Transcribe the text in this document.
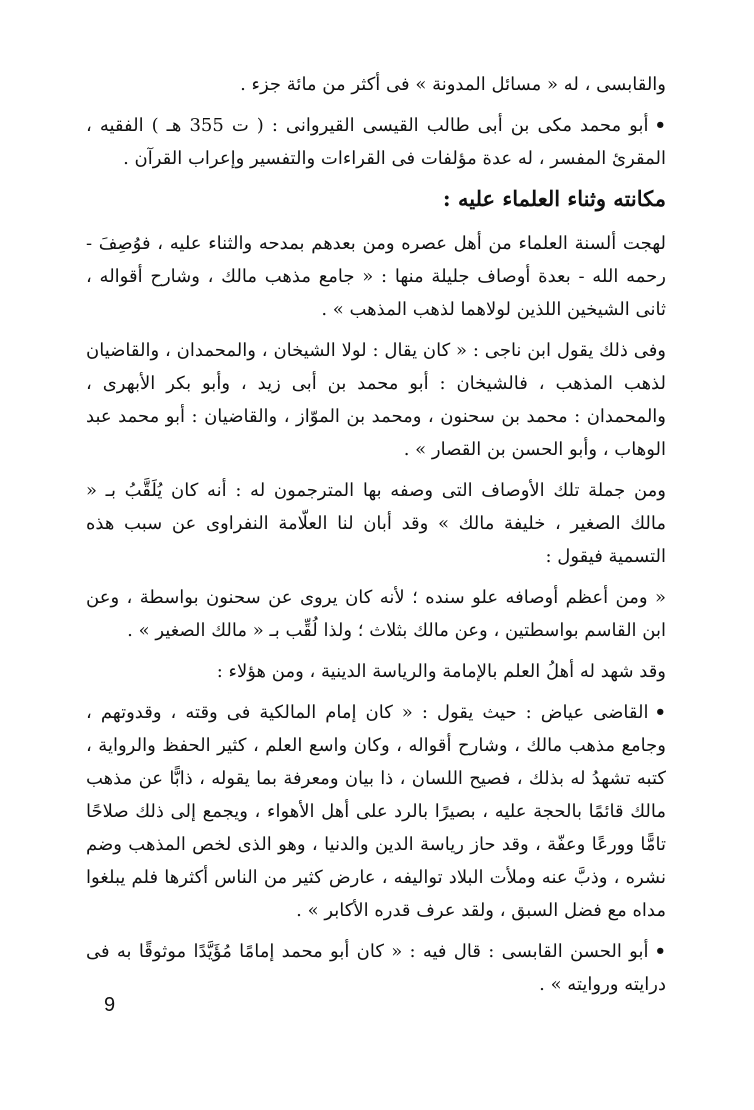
والقابسى ، له « مسائل المدونة » فى أكثر من مائة جزء .

•أبو محمد مكى بن أبى طالب القيسى القيروانى : ( ت 355 هـ ) الفقيه ، المقرئ المفسر ، له عدة مؤلفات فى القراءات والتفسير وإعراب القرآن .

مكانته وثناء العلماء عليه :

لهجت ألسنة العلماء من أهل عصره ومن بعدهم بمدحه والثناء عليه ، فوُصِفَ - رحمه الله - بعدة أوصاف جليلة منها : « جامع مذهب مالك ، وشارح أقواله ، ثانى الشيخين اللذين لولاهما لذهب المذهب » .

وفى ذلك يقول ابن ناجى : « كان يقال : لولا الشيخان ، والمحمدان ، والقاضيان لذهب المذهب ، فالشيخان : أبو محمد بن أبى زيد ، وأبو بكر الأبهرى ، والمحمدان : محمد بن سحنون ، ومحمد بن الموّاز ، والقاضيان : أبو محمد عبد الوهاب ، وأبو الحسن بن القصار » .

ومن جملة تلك الأوصاف التى وصفه بها المترجمون له : أنه كان يُلَقَّبُ بـ « مالك الصغير ، خليفة مالك » وقد أبان لنا العلّامة النفراوى عن سبب هذه التسمية فيقول :

« ومن أعظم أوصافه علو سنده ؛ لأنه كان يروى عن سحنون بواسطة ، وعن ابن القاسم بواسطتين ، وعن مالك بثلاث ؛ ولذا لُقِّب بـ « مالك الصغير » .

وقد شهد له أهلُ العلم بالإمامة والرياسة الدينية ، ومن هؤلاء :

•القاضى عياض : حيث يقول : « كان إمام المالكية فى وقته ، وقدوتهم ، وجامع مذهب مالك ، وشارح أقواله ، وكان واسع العلم ، كثير الحفظ والرواية ، كتبه تشهدُ له بذلك ، فصيح اللسان ، ذا بيان ومعرفة بما يقوله ، ذابًّا عن مذهب مالك قائمًا بالحجة عليه ، بصيرًا بالرد على أهل الأهواء ، ويجمع إلى ذلك صلاحًا تامًّا وورعًا وعفّة ، وقد حاز رياسة الدين والدنيا ، وهو الذى لخص المذهب وضم نشره ، وذبَّ عنه وملأت البلاد تواليفه ، عارض كثير من الناس أكثرها فلم يبلغوا مداه مع فضل السبق ، ولقد عرف قدره الأكابر » .

•أبو الحسن القابسى : قال فيه : « كان أبو محمد إمامًا مُؤَيَّدًا موثوقًا به فى درايته وروايته » .

9
